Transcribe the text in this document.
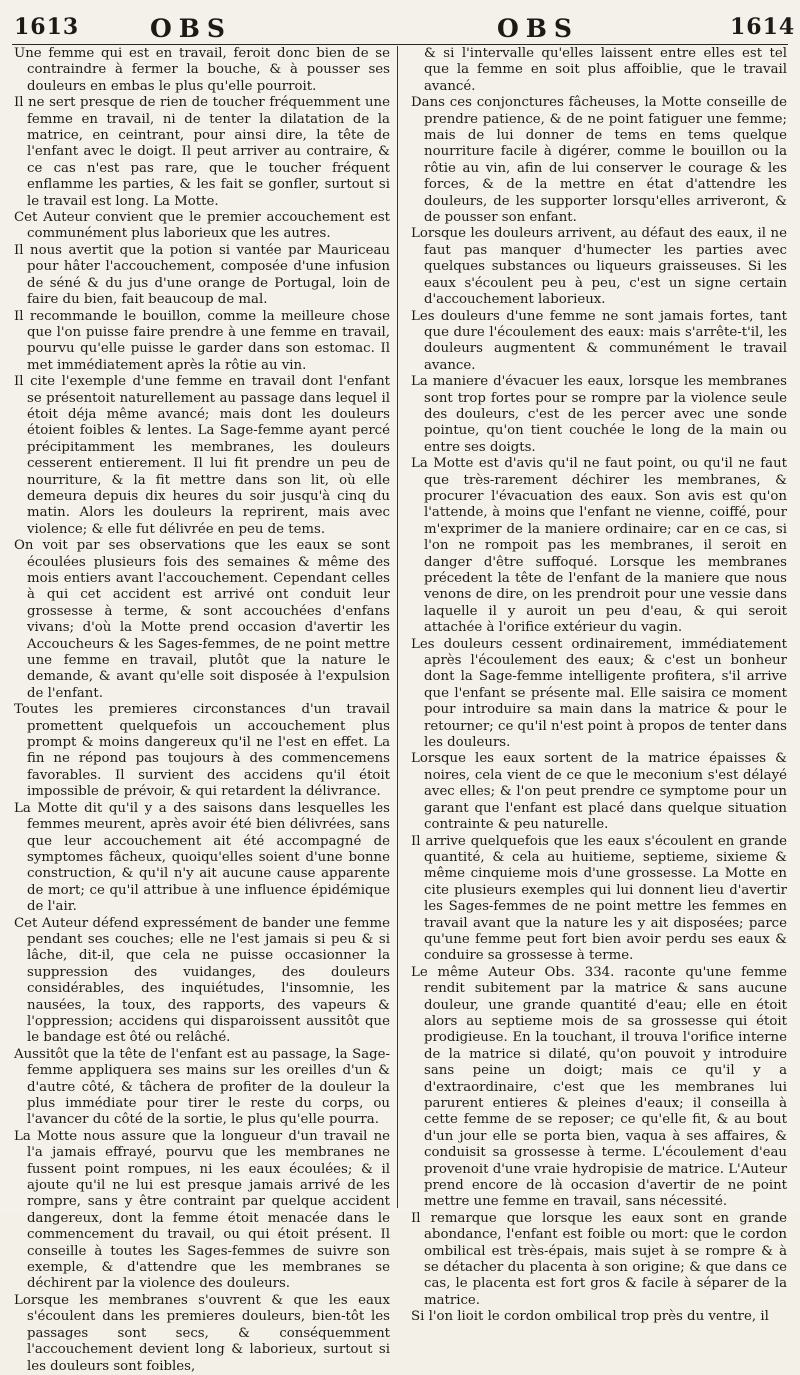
1613	OBS	OBS	1614

Une femme qui est en travail, feroit donc bien de se contraindre à fermer la bouche, & à pousser ses douleurs en embas le plus qu'elle pourroit.

Il ne sert presque de rien de toucher fréquemment une femme en travail, ni de tenter la dilatation de la matrice, en ceintrant, pour ainsi dire, la tête de l'enfant avec le doigt. Il peut arriver au contraire, & ce cas n'est pas rare, que le toucher fréquent enflamme les parties, & les fait se gonfler, surtout si le travail est long. La Motte.

Cet Auteur convient que le premier accouchement est communément plus laborieux que les autres.

Il nous avertit que la potion si vantée par Mauriceau pour hâter l'accouchement, composée d'une infusion de séné & du jus d'une orange de Portugal, loin de faire du bien, fait beaucoup de mal.

Il recommande le bouillon, comme la meilleure chose que l'on puisse faire prendre à une femme en travail, pourvu qu'elle puisse le garder dans son estomac. Il met immédiatement après la rôtie au vin.

Il cite l'exemple d'une femme en travail dont l'enfant se présentoit naturellement au passage dans lequel il étoit déja même avancé; mais dont les douleurs étoient foibles & lentes. La Sage-femme ayant percé précipitamment les membranes, les douleurs cesserent entierement. Il lui fit prendre un peu de nourriture, & la fit mettre dans son lit, où elle demeura depuis dix heures du soir jusqu'à cinq du matin. Alors les douleurs la reprirent, mais avec violence; & elle fut délivrée en peu de tems.

On voit par ses observations que les eaux se sont écoulées plusieurs fois des semaines & même des mois entiers avant l'accouchement. Cependant celles à qui cet accident est arrivé ont conduit leur grossesse à terme, & sont accouchées d'enfans vivans; d'où la Motte prend occasion d'avertir les Accoucheurs & les Sages-femmes, de ne point mettre une femme en travail, plutôt que la nature le demande, & avant qu'elle soit disposée à l'expulsion de l'enfant.

Toutes les premieres circonstances d'un travail promettent quelquefois un accouchement plus prompt & moins dangereux qu'il ne l'est en effet. La fin ne répond pas toujours à des commencemens favorables. Il survient des accidens qu'il étoit impossible de prévoir, & qui retardent la délivrance.

La Motte dit qu'il y a des saisons dans lesquelles les femmes meurent, après avoir été bien délivrées, sans que leur accouchement ait été accompagné de symptomes fâcheux, quoiqu'elles soient d'une bonne construction, & qu'il n'y ait aucune cause apparente de mort; ce qu'il attribue à une influence épidémique de l'air.

Cet Auteur défend expressément de bander une femme pendant ses couches; elle ne l'est jamais si peu & si lâche, dit-il, que cela ne puisse occasionner la suppression des vuidanges, des douleurs considérables, des inquiétudes, l'insomnie, les nausées, la toux, des rapports, des vapeurs & l'oppression; accidens qui disparoissent aussitôt que le bandage est ôté ou relâché.

Aussitôt que la tête de l'enfant est au passage, la Sage-femme appliquera ses mains sur les oreilles d'un & d'autre côté, & tâchera de profiter de la douleur la plus immédiate pour tirer le reste du corps, ou l'avancer du côté de la sortie, le plus qu'elle pourra.

La Motte nous assure que la longueur d'un travail ne l'a jamais effrayé, pourvu que les membranes ne fussent point rompues, ni les eaux écoulées; & il ajoute qu'il ne lui est presque jamais arrivé de les rompre, sans y être contraint par quelque accident dangereux, dont la femme étoit menacée dans le commencement du travail, ou qui étoit présent. Il conseille à toutes les Sages-femmes de suivre son exemple, & d'attendre que les membranes se déchirent par la violence des douleurs.

Lorsque les membranes s'ouvrent & que les eaux s'écoulent dans les premieres douleurs, bien-tôt les passages sont secs, & conséquemment l'accouchement devient long & laborieux, surtout si les douleurs sont foibles,

& si l'intervalle qu'elles laissent entre elles est tel que la femme en soit plus affoiblie, que le travail avancé.

Dans ces conjonctures fâcheuses, la Motte conseille de prendre patience, & de ne point fatiguer une femme; mais de lui donner de tems en tems quelque nourriture facile à digérer, comme le bouillon ou la rôtie au vin, afin de lui conserver le courage & les forces, & de la mettre en état d'attendre les douleurs, de les supporter lorsqu'elles arriveront, & de pousser son enfant.

Lorsque les douleurs arrivent, au défaut des eaux, il ne faut pas manquer d'humecter les parties avec quelques substances ou liqueurs graisseuses. Si les eaux s'écoulent peu à peu, c'est un signe certain d'accouchement laborieux.

Les douleurs d'une femme ne sont jamais fortes, tant que dure l'écoulement des eaux: mais s'arrête-t'il, les douleurs augmentent & communément le travail avance.

La maniere d'évacuer les eaux, lorsque les membranes sont trop fortes pour se rompre par la violence seule des douleurs, c'est de les percer avec une sonde pointue, qu'on tient couchée le long de la main ou entre ses doigts.

La Motte est d'avis qu'il ne faut point, ou qu'il ne faut que très-rarement déchirer les membranes, & procurer l'évacuation des eaux. Son avis est qu'on l'attende, à moins que l'enfant ne vienne, coiffé, pour m'exprimer de la maniere ordinaire; car en ce cas, si l'on ne rompoit pas les membranes, il seroit en danger d'être suffoqué. Lorsque les membranes précedent la tête de l'enfant de la maniere que nous venons de dire, on les prendroit pour une vessie dans laquelle il y auroit un peu d'eau, & qui seroit attachée à l'orifice extérieur du vagin.

Les douleurs cessent ordinairement, immédiatement après l'écoulement des eaux; & c'est un bonheur dont la Sage-femme intelligente profitera, s'il arrive que l'enfant se présente mal. Elle saisira ce moment pour introduire sa main dans la matrice & pour le retourner; ce qu'il n'est point à propos de tenter dans les douleurs.

Lorsque les eaux sortent de la matrice épaisses & noires, cela vient de ce que le meconium s'est délayé avec elles; & l'on peut prendre ce symptome pour un garant que l'enfant est placé dans quelque situation contrainte & peu naturelle.

Il arrive quelquefois que les eaux s'écoulent en grande quantité, & cela au huitieme, septieme, sixieme & même cinquieme mois d'une grossesse. La Motte en cite plusieurs exemples qui lui donnent lieu d'avertir les Sages-femmes de ne point mettre les femmes en travail avant que la nature les y ait disposées; parce qu'une femme peut fort bien avoir perdu ses eaux & conduire sa grossesse à terme.

Le même Auteur Obs. 334. raconte qu'une femme rendit subitement par la matrice & sans aucune douleur, une grande quantité d'eau; elle en étoit alors au septieme mois de sa grossesse qui étoit prodigieuse. En la touchant, il trouva l'orifice interne de la matrice si dilaté, qu'on pouvoit y introduire sans peine un doigt; mais ce qu'il y a d'extraordinaire, c'est que les membranes lui parurent entieres & pleines d'eaux; il conseilla à cette femme de se reposer; ce qu'elle fit, & au bout d'un jour elle se porta bien, vaqua à ses affaires, & conduisit sa grossesse à terme. L'écoulement d'eau provenoit d'une vraie hydropisie de matrice. L'Auteur prend encore de là occasion d'avertir de ne point mettre une femme en travail, sans nécessité.

Il remarque que lorsque les eaux sont en grande abondance, l'enfant est foible ou mort: que le cordon ombilical est très-épais, mais sujet à se rompre & à se détacher du placenta à son origine; & que dans ce cas, le placenta est fort gros & facile à séparer de la matrice.

Si l'on lioit le cordon ombilical trop près du ventre, il
